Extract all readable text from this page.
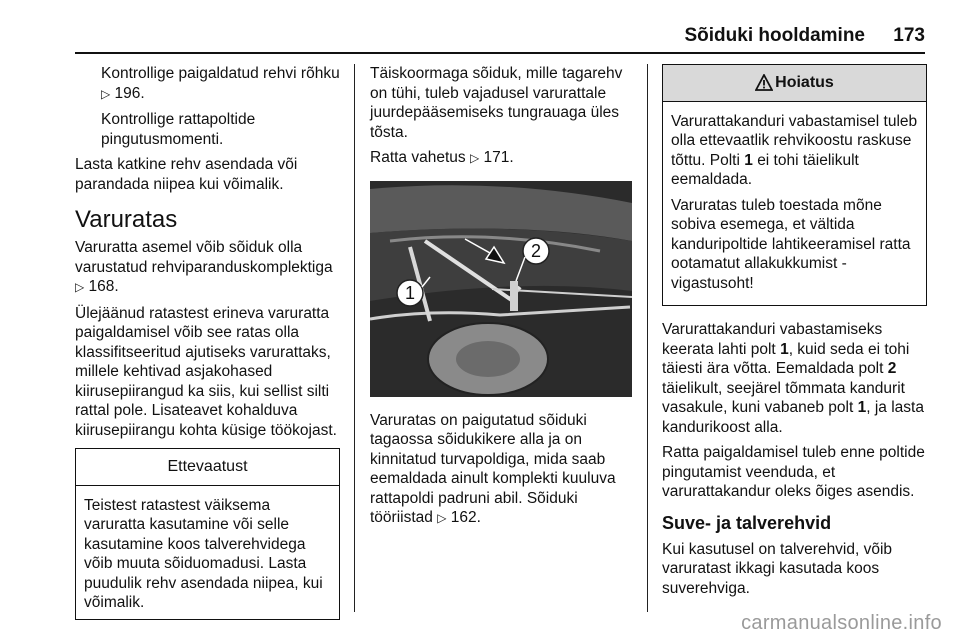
Sõiduki hooldamine 173

Kontrollige paigaldatud rehvi rõhku ▷ 196.

Kontrollige rattapoltide pingutusmomenti.

Lasta katkine rehv asendada või parandada niipea kui võimalik.

Varuratas

Varuratta asemel võib sõiduk olla varustatud rehviparanduskomplektiga ▷ 168.

Ülejäänud ratastest erineva varuratta paigaldamisel võib see ratas olla klassifitseeritud ajutiseks varurattaks, millele kehtivad asjakohased kiirusepiirangud ka siis, kui sellist silti rattal pole. Lisateavet kohalduva kiirusepiirangu kohta küsige töökojast.

Ettevaatust
Teistest ratastest väiksema varuratta kasutamine või selle kasutamine koos talverehvidega võib muuta sõiduomadusi. Lasta puudulik rehv asendada niipea, kui võimalik.

Täiskoormaga sõiduk, mille tagarehv on tühi, tuleb vajadusel varurattale juurdepääsemiseks tungrauaga üles tõsta.

Ratta vahetus ▷ 171.

1
2

Varuratas on paigutatud sõiduki tagaossa sõidukikere alla ja on kinnitatud turvapoldiga, mida saab eemaldada ainult komplekti kuuluva rattapoldi padruni abil. Sõiduki tööriistad ▷ 162.

Hoiatus

Varurattakanduri vabastamisel tuleb olla ettevaatlik rehvikoostu raskuse tõttu. Polti 1 ei tohi täielikult eemaldada.

Varuratas tuleb toestada mõne sobiva esemega, et vältida kanduripoltide lahtikeeramisel ratta ootamatut allakukkumist - vigastusoht!

Varurattakanduri vabastamiseks keerata lahti polt 1, kuid seda ei tohi täiesti ära võtta. Eemaldada polt 2 täielikult, seejärel tõmmata kandurit vasakule, kuni vabaneb polt 1, ja lasta kandurikoost alla.

Ratta paigaldamisel tuleb enne poltide pingutamist veenduda, et varurattakandur oleks õiges asendis.

Suve- ja talverehvid

Kui kasutusel on talverehvid, võib varuratast ikkagi kasutada koos suverehviga.

carmanualsonline.info
